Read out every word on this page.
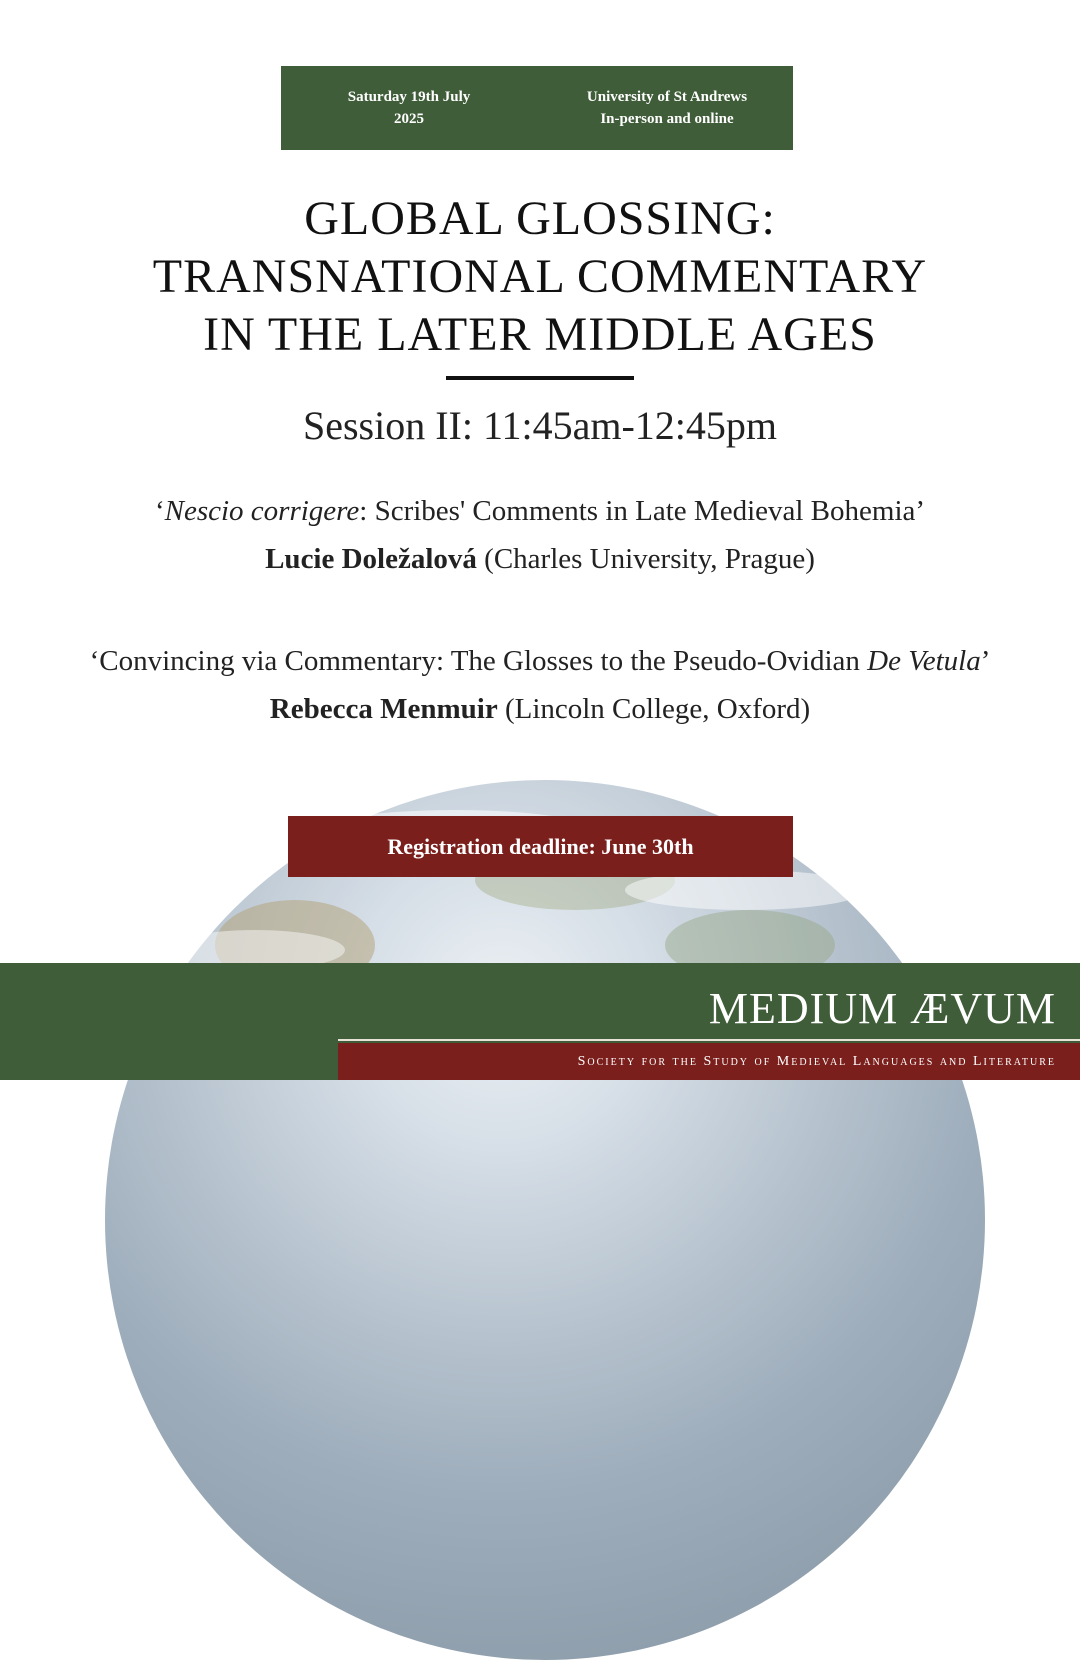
Saturday 19th July
2025
University of St Andrews
In-person and online
GLOBAL GLOSSING:
TRANSNATIONAL COMMENTARY
IN THE LATER MIDDLE AGES
Session II: 11:45am-12:45pm
‘Nescio corrigere: Scribes' Comments in Late Medieval Bohemia’
Lucie Doležalová (Charles University, Prague)
‘Convincing via Commentary: The Glosses to the Pseudo-Ovidian De Vetula’
Rebecca Menmuir (Lincoln College, Oxford)
Registration deadline: June 30th
MEDIUM ÆVUM
Society for the Study of Medieval Languages and Literature
